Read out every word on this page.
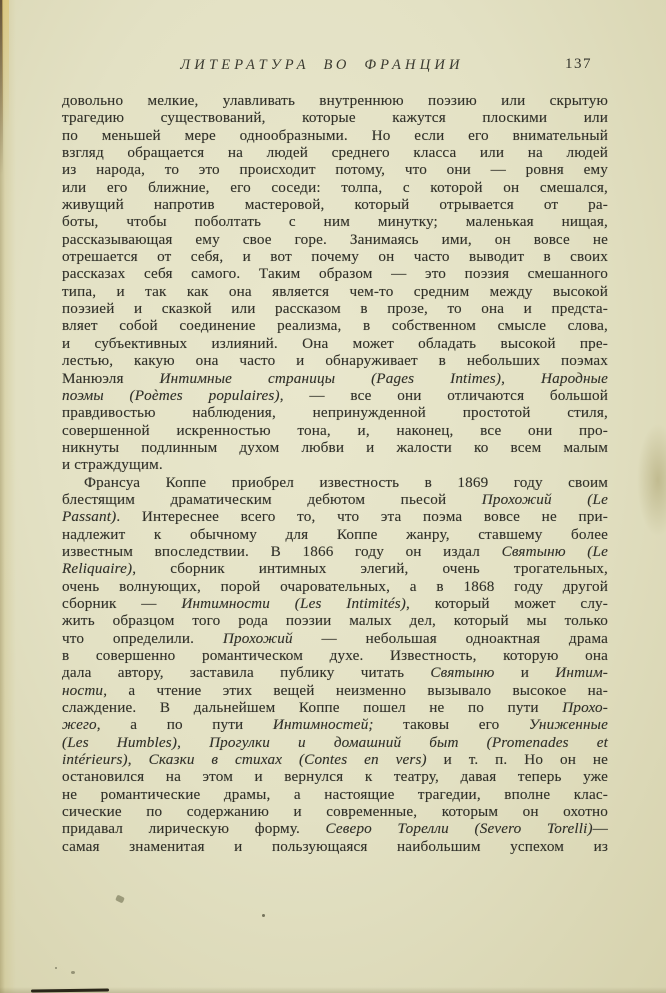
ЛИТЕРАТУРА ВО ФРАНЦИИ	137
довольно мелкие, улавливать внутреннюю поэзию или скрытую
трагедию существований, которые кажутся плоскими или
по меньшей мере однообразными. Но если его внимательный
взгляд обращается на людей среднего класса или на людей
из народа, то это происходит потому, что они — ровня ему
или его ближние, его соседи: толпа, с которой он смешался,
живущий напротив мастеровой, который отрывается от ра-
боты, чтобы поболтать с ним минутку; маленькая нищая,
рассказывающая ему свое горе. Занимаясь ими, он вовсе не
отрешается от себя, и вот почему он часто выводит в своих
рассказах себя самого. Таким образом — это поэзия смешанного
типа, и так как она является чем-то средним между высокой
поэзией и сказкой или рассказом в прозе, то она и предста-
вляет собой соединение реализма, в собственном смысле слова,
и субъективных излияний. Она может обладать высокой пре-
лестью, какую она часто и обнаруживает в небольших поэмах
Манюэля Интимные страницы (Pages Intimes), Народные
поэмы (Poèmes populaires), — все они отличаются большой
правдивостью наблюдения, непринужденной простотой стиля,
совершенной искренностью тона, и, наконец, все они про-
никнуты подлинным духом любви и жалости ко всем малым
и страждущим.
Франсуа Коппе приобрел известность в 1869 году своим
блестящим драматическим дебютом пьесой Прохожий (Le
Passant). Интереснее всего то, что эта поэма вовсе не при-
надлежит к обычному для Коппе жанру, ставшему более
известным впоследствии. В 1866 году он издал Святыню (Le
Reliquaire), сборник интимных элегий, очень трогательных,
очень волнующих, порой очаровательных, а в 1868 году другой
сборник — Интимности (Les Intimités), который может слу-
жить образцом того рода поэзии малых дел, который мы только
что определили. Прохожий — небольшая одноактная драма
в совершенно романтическом духе. Известность, которую она
дала автору, заставила публику читать Святыню и Интим-
ности, а чтение этих вещей неизменно вызывало высокое на-
слаждение. В дальнейшем Коппе пошел не по пути Прохо-
жего, а по пути Интимностей; таковы его Униженные
(Les Humbles), Прогулки и домашний быт (Promenades et
intérieurs), Сказки в стихах (Contes en vers) и т. п. Но он не
остановился на этом и вернулся к театру, давая теперь уже
не романтические драмы, а настоящие трагедии, вполне клас-
сические по содержанию и современные, которым он охотно
придавал лирическую форму. Северо Торелли (Severo Torelli)—
самая знаменитая и пользующаяся наибольшим успехом из
